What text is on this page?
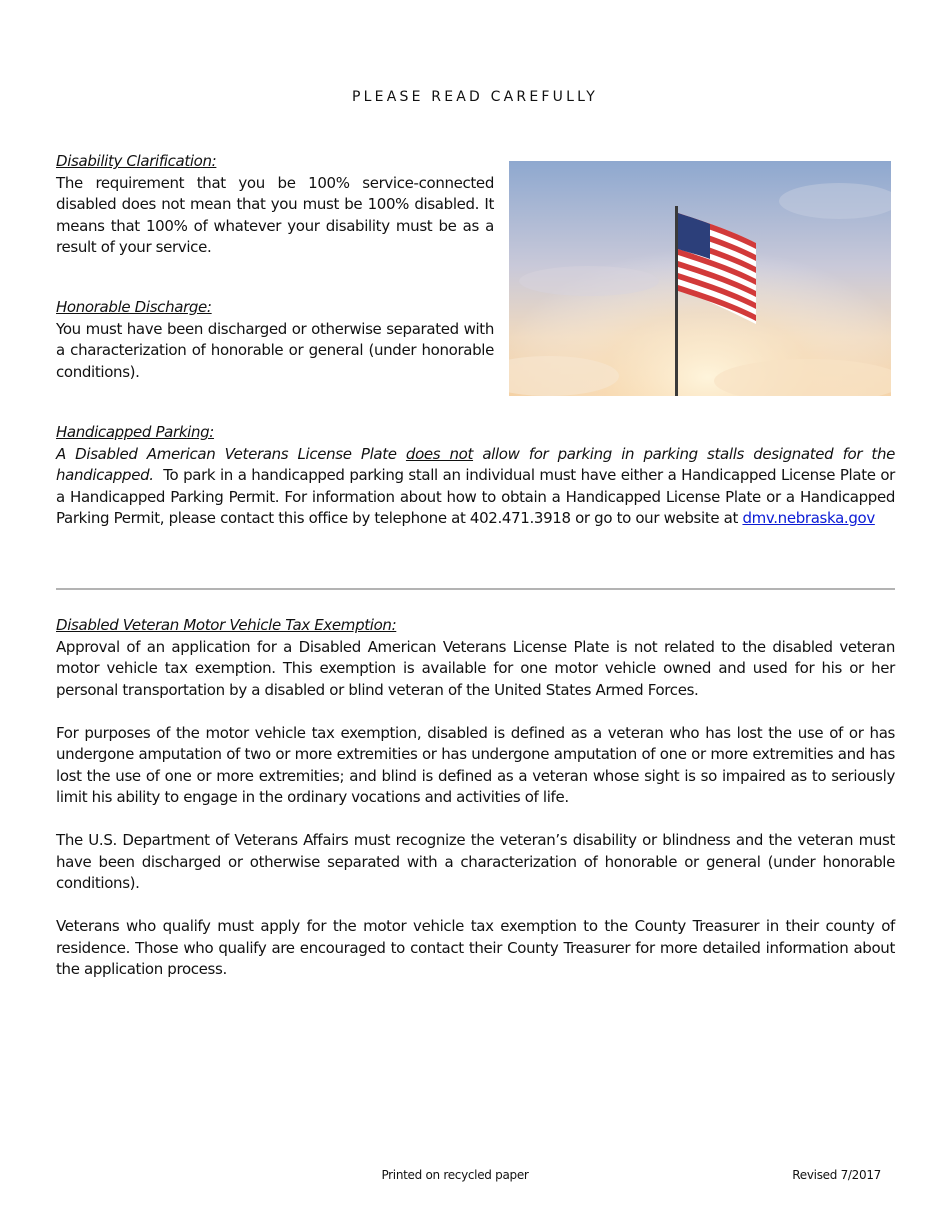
PLEASE READ CAREFULLY
Disability Clarification:

The requirement that you be 100% service-connected disabled does not mean that you must be 100% disabled. It means that 100% of whatever your disability must be as a result of your service.

Honorable Discharge:

You must have been discharged or otherwise separated with a characterization of honorable or general (under honorable conditions).

Handicapped Parking:

A Disabled American Veterans License Plate does not allow for parking in parking stalls designated for the handicapped. To park in a handicapped parking stall an individual must have either a Handicapped License Plate or a Handicapped Parking Permit. For information about how to obtain a Handicapped License Plate or a Handicapped Parking Permit, please contact this office by telephone at 402.471.3918 or go to our website at dmv.nebraska.gov

Disabled Veteran Motor Vehicle Tax Exemption:

Approval of an application for a Disabled American Veterans License Plate is not related to the disabled veteran motor vehicle tax exemption. This exemption is available for one motor vehicle owned and used for his or her personal transportation by a disabled or blind veteran of the United States Armed Forces.

For purposes of the motor vehicle tax exemption, disabled is defined as a veteran who has lost the use of or has undergone amputation of two or more extremities or has undergone amputation of one or more extremities and has lost the use of one or more extremities; and blind is defined as a veteran whose sight is so impaired as to seriously limit his ability to engage in the ordinary vocations and activities of life.

The U.S. Department of Veterans Affairs must recognize the veteran’s disability or blindness and the veteran must have been discharged or otherwise separated with a characterization of honorable or general (under honorable conditions).

Veterans who qualify must apply for the motor vehicle tax exemption to the County Treasurer in their county of residence. Those who qualify are encouraged to contact their County Treasurer for more detailed information about the application process.

Printed on recycled paper	Revised 7/2017
